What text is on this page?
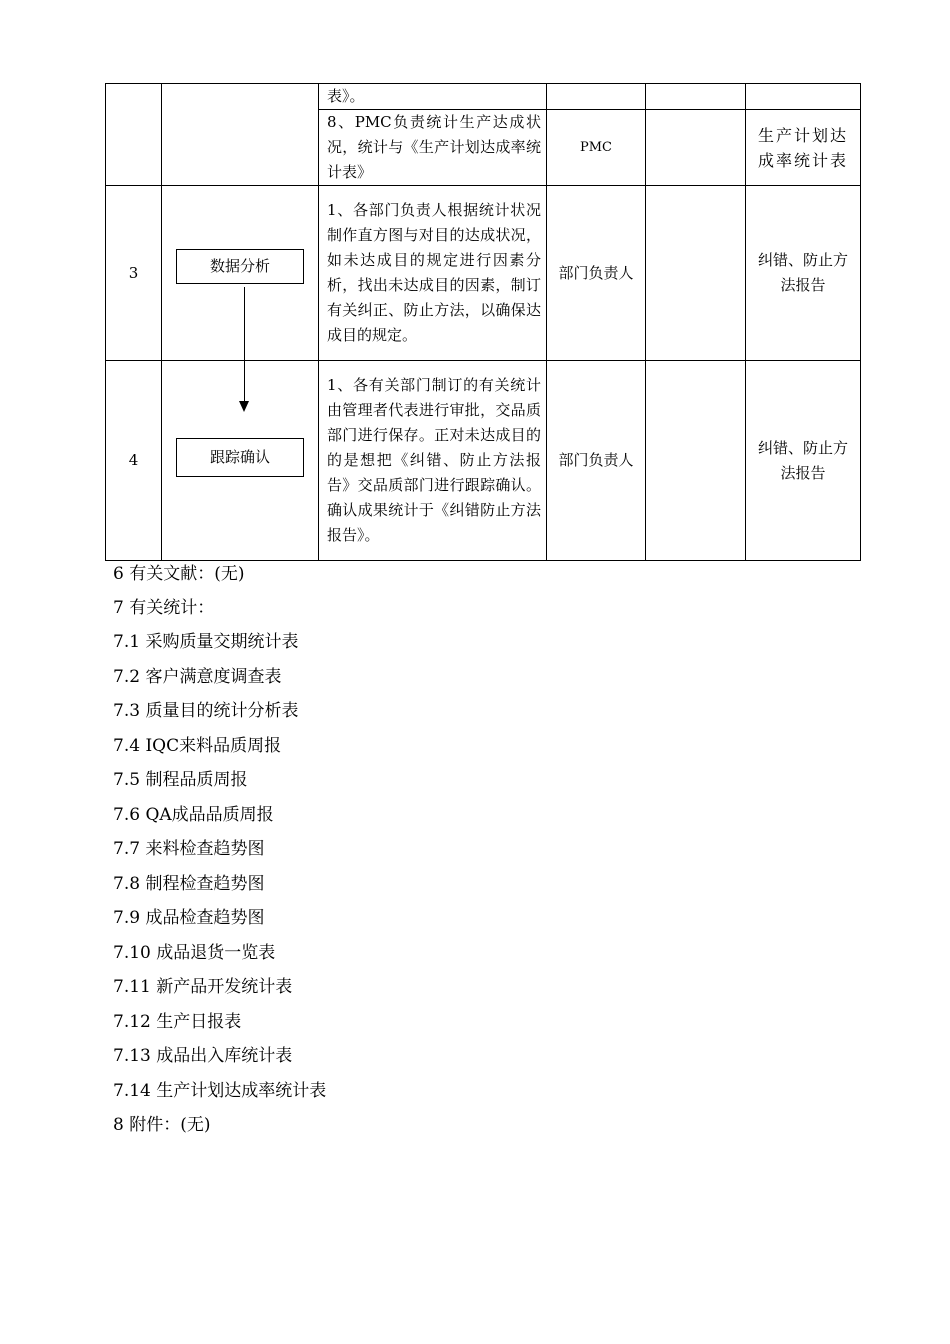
		表》。			
		8、PMC负责统计生产达成状况，统计与《生产计划达成率统计表》	PMC		生产计划达成率统计表
3	数据分析	1、各部门负责人根据统计状况制作直方图与对目的达成状况，如未达成目的规定进行因素分析，找出未达成目的因素，制订有关纠正、防止方法，以确保达成目的规定。	部门负责人		纠错、防止方法报告
4	跟踪确认	1、各有关部门制订的有关统计由管理者代表进行审批，交品质部门进行保存。正对未达成目的的是想把《纠错、防止方法报告》交品质部门进行跟踪确认。确认成果统计于《纠错防止方法报告》。	部门负责人		纠错、防止方法报告
6 有关文献：(无)
7 有关统计：
7.1 采购质量交期统计表
7.2 客户满意度调查表
7.3 质量目的统计分析表
7.4 IQC来料品质周报
7.5 制程品质周报
7.6 QA成品品质周报
7.7 来料检查趋势图
7.8 制程检查趋势图
7.9 成品检查趋势图
7.10 成品退货一览表
7.11 新产品开发统计表
7.12 生产日报表
7.13 成品出入库统计表
7.14 生产计划达成率统计表
8 附件：(无)
